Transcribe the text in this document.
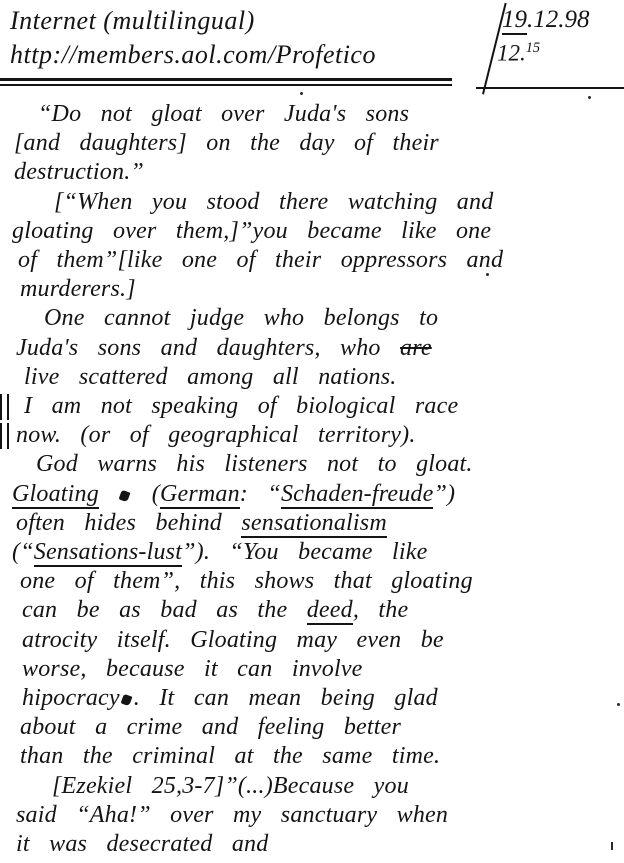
Internet (multilingual)
http://members.aol.com/Profetico
19.12.98
12.15
“Do not gloat over Juda's sons
[and daughters] on the day of their
destruction.”
[“When you stood there watching and
gloating over them,]”you became like one
of them”[like one of their oppressors and
murderers.]
One cannot judge who belongs to
Juda's sons and daughters, who are
live scattered among all nations.
I am not speaking of biological race
now. (or of geographical territory).
God warns his listeners not to gloat.
Gloating  (German: “Schaden-freude”)
often hides behind sensationalism
(“Sensations-lust”). “You became like
one of them”, this shows that gloating
can be as bad as the deed, the
atrocity itself. Gloating may even be
worse, because it can involve
hipocracy . It can mean being glad
about a crime and feeling better
than the criminal at the same time.
[Ezekiel 25,3-7]”(...)Because you
said “Aha!” over my sanctuary when
it was desecrated and
